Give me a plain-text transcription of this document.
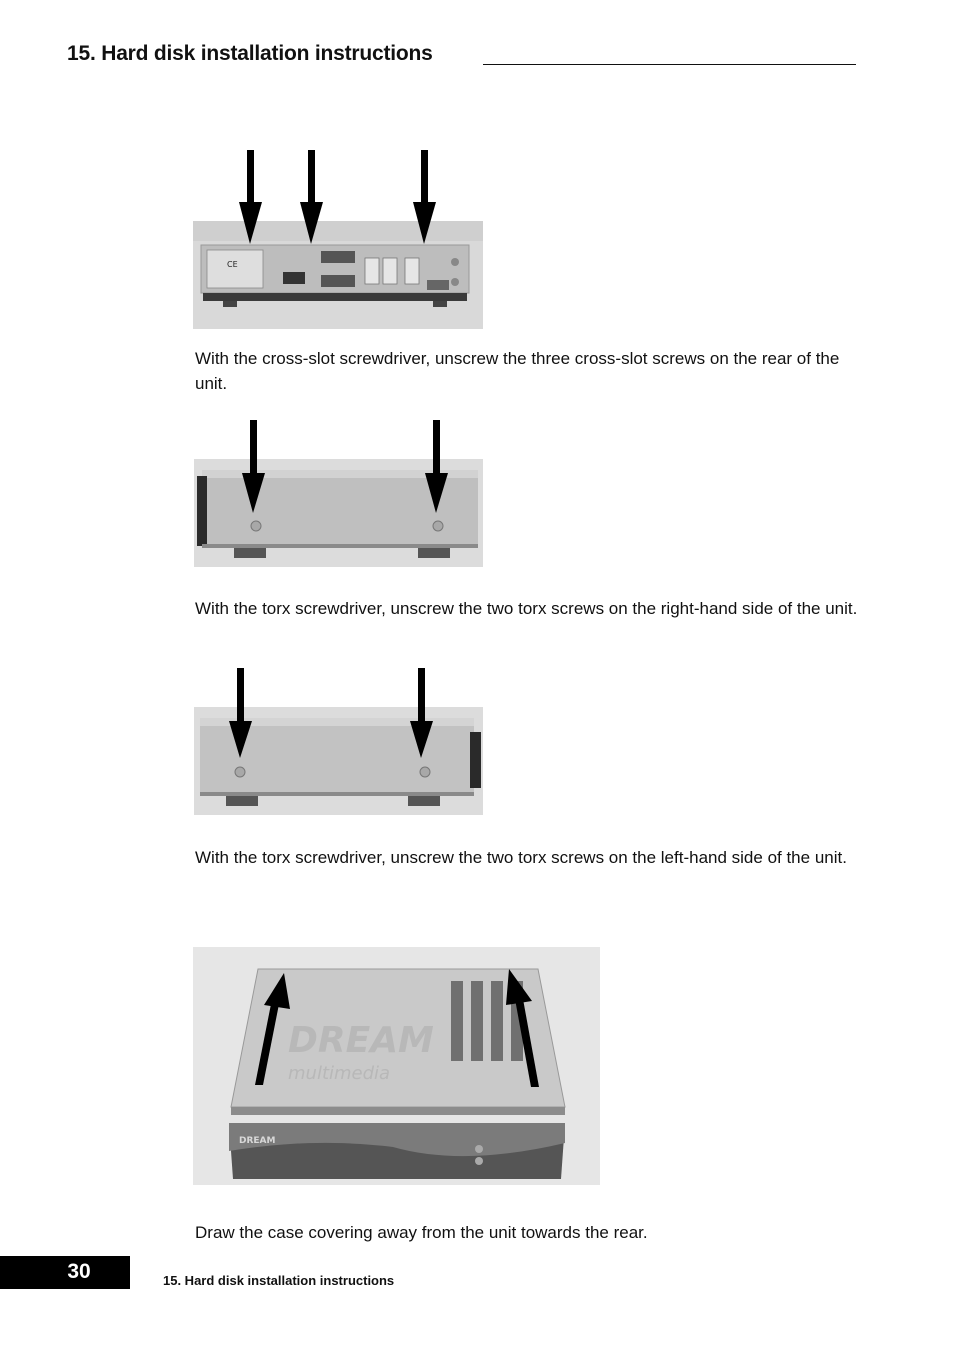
15. Hard disk installation instructions
CE

With the cross-slot screwdriver, unscrew the three cross-slot screws on the rear of the unit.

With the torx screwdriver, unscrew the two torx screws on the right-hand side of the unit.

With the torx screwdriver, unscrew the two torx screws on the left-hand side of the unit.

DREAM
multimedia
DREAM

Draw the case covering away from the unit towards the rear.

30	15. Hard disk installation instructions
